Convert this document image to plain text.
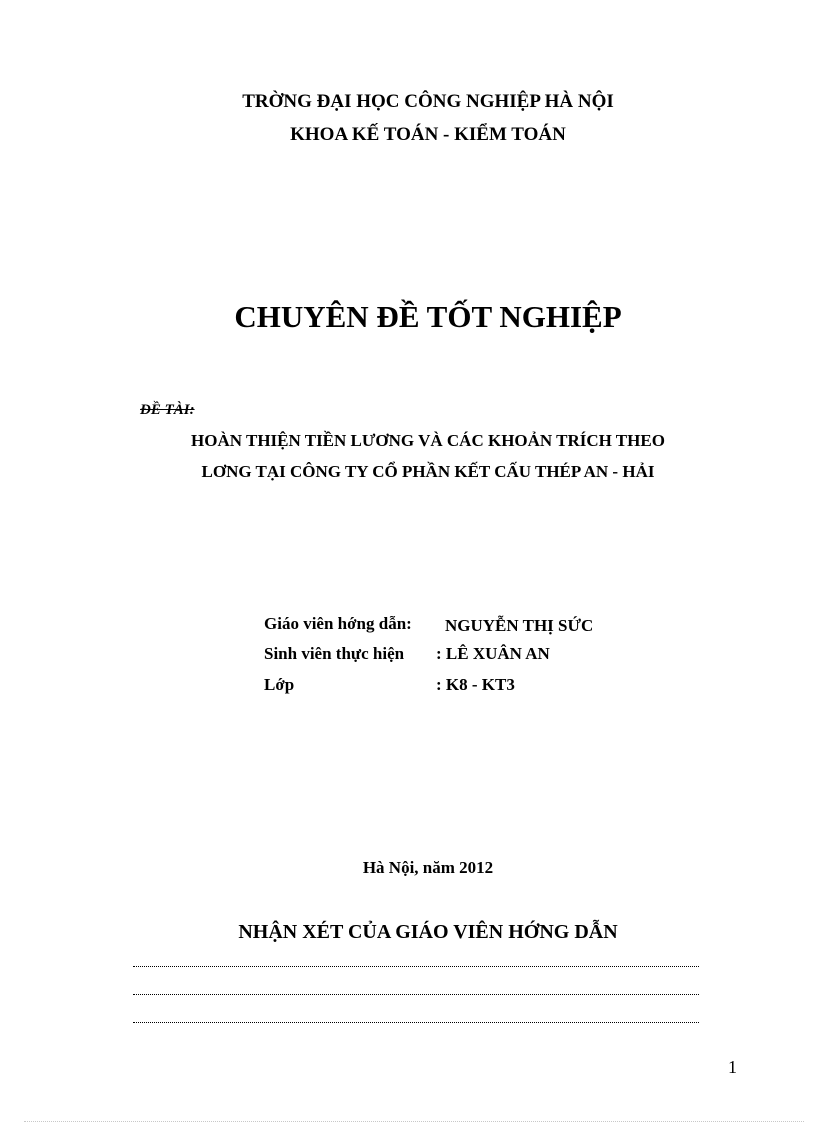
TRỜNG ĐẠI HỌC CÔNG NGHIỆP HÀ NỘI
KHOA KẾ TOÁN - KIỂM TOÁN
CHUYÊN ĐỀ TỐT NGHIỆP
ĐỀ TÀI:
HOÀN THIỆN TIỀN LƯƠNG VÀ CÁC KHOẢN TRÍCH THEO
LƠNG TẠI CÔNG TY CỔ PHẦN KẾT CẤU THÉP AN - HẢI
Giáo viên hớng dẫn: NGUYỄN THỊ SỨC
Sinh viên thực hiện : LÊ XUÂN AN
Lớp	: K8 - KT3
Hà Nội, năm 2012
NHẬN XÉT CỦA GIÁO VIÊN HỚNG DẪN
1
